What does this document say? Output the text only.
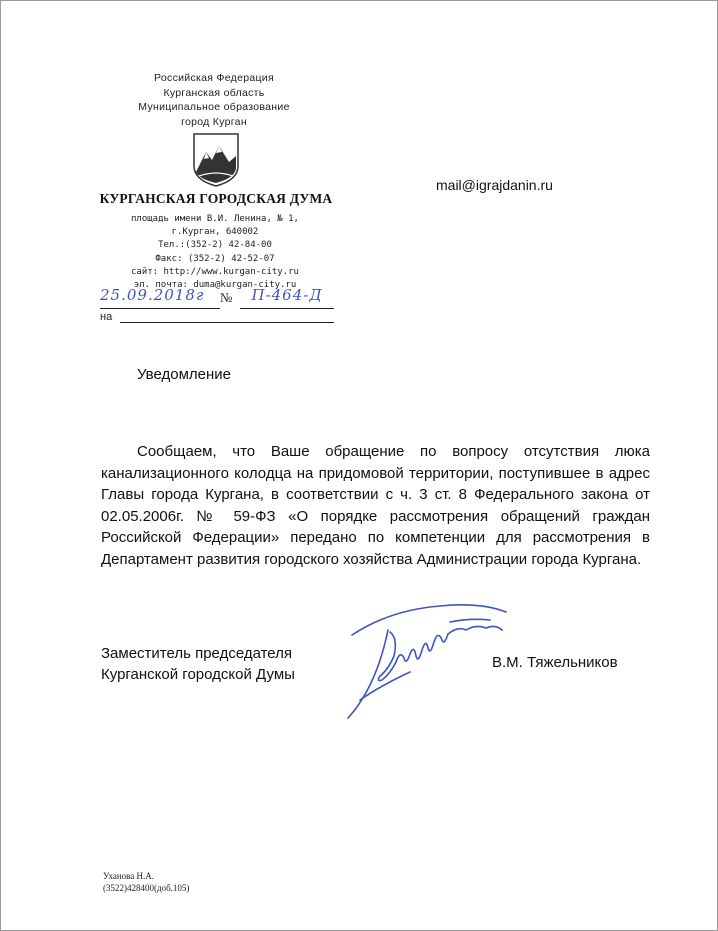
Российская Федерация
Курганская область
Муниципальное образование
город Курган
КУРГАНСКАЯ ГОРОДСКАЯ ДУМА
площадь имени В.И. Ленина, № 1,
г.Курган, 640002
Тел.:(352-2) 42-84-00
Факс: (352-2) 42-52-07
сайт: http://www.kurgan-city.ru
эл. почта: duma@kurgan-city.ru
25.09.2018г	№	П-464-Д
на
mail@igrajdanin.ru
Уведомление

Сообщаем, что Ваше обращение по вопросу отсутствия люка канализационного колодца на придомовой территории, поступившее в адрес Главы города Кургана, в соответствии с ч. 3 ст. 8 Федерального закона от 02.05.2006г. № 59-ФЗ «О порядке рассмотрения обращений граждан Российской Федерации» передано по компетенции для рассмотрения в Департамент развития городского хозяйства Администрации города Кургана.

Заместитель председателя
Курганской городской Думы
В.М. Тяжельников
Уханова Н.А.
(3522)428400(доб.105)
